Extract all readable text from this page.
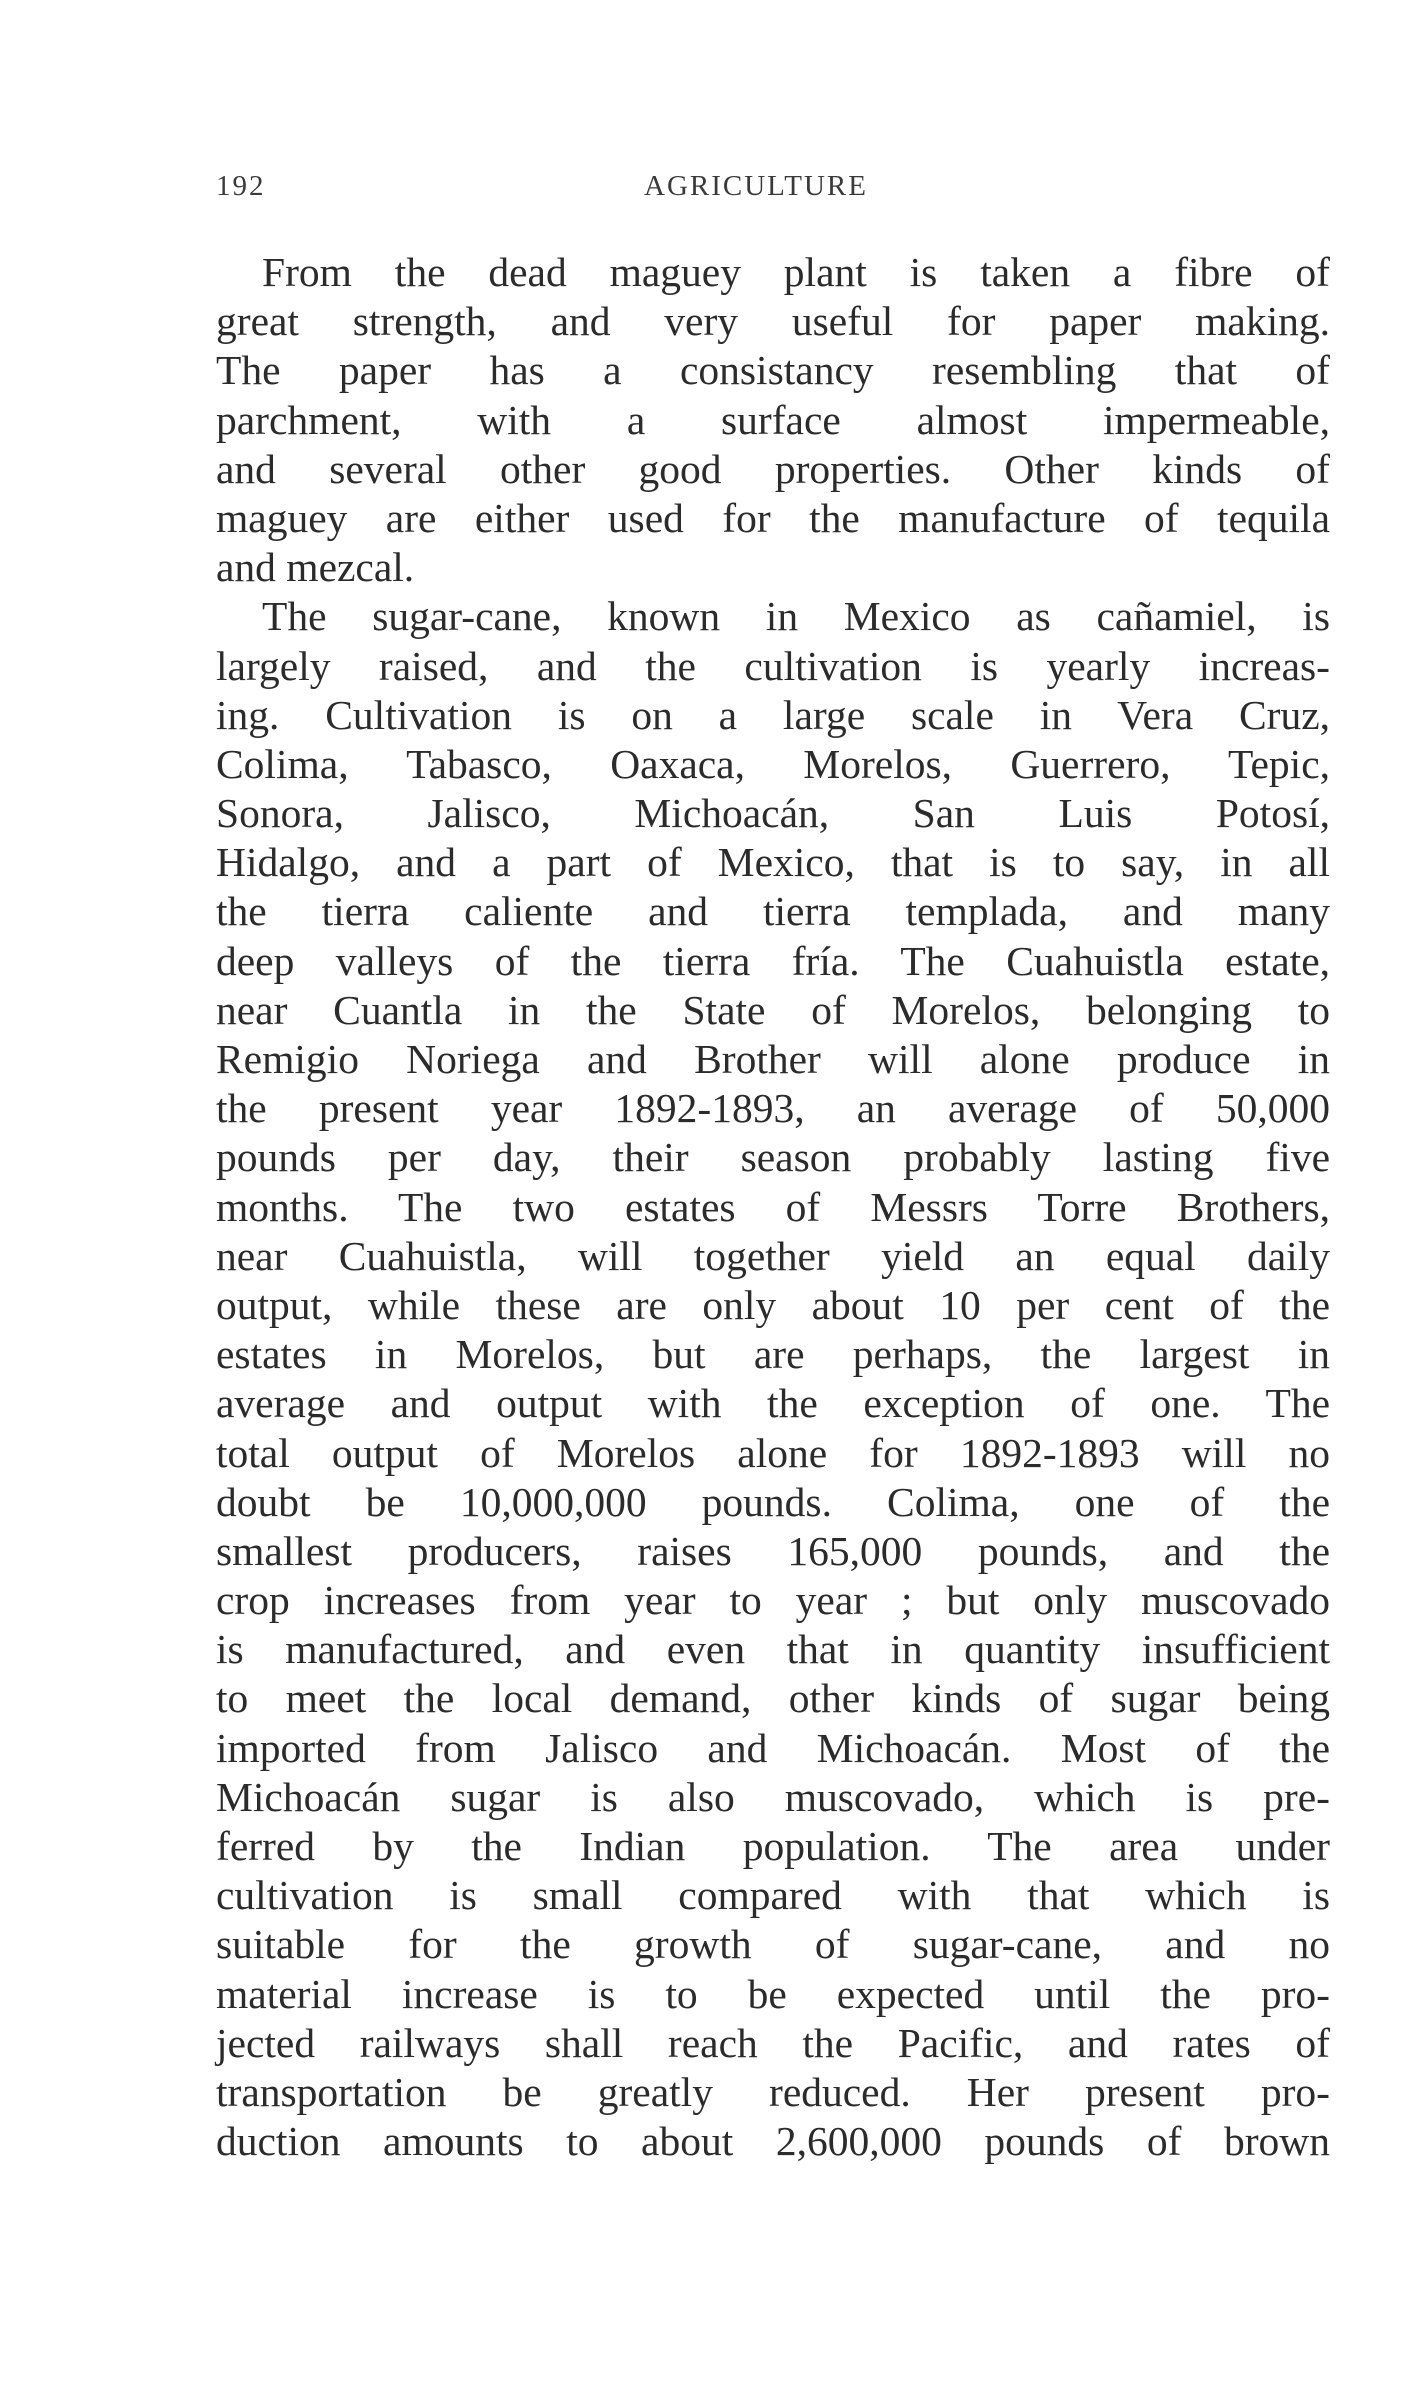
192	AGRICULTURE
From the dead maguey plant is taken a fibre of
great strength, and very useful for paper making.
The paper has a consistancy resembling that of
parchment, with a surface almost impermeable,
and several other good properties. Other kinds of
maguey are either used for the manufacture of tequila
and mezcal.
The sugar-cane, known in Mexico as cañamiel, is
largely raised, and the cultivation is yearly increas-
ing. Cultivation is on a large scale in Vera Cruz,
Colima, Tabasco, Oaxaca, Morelos, Guerrero, Tepic,
Sonora, Jalisco, Michoacán, San Luis Potosí,
Hidalgo, and a part of Mexico, that is to say, in all
the tierra caliente and tierra templada, and many
deep valleys of the tierra fría. The Cuahuistla estate,
near Cuantla in the State of Morelos, belonging to
Remigio Noriega and Brother will alone produce in
the present year 1892-1893, an average of 50,000
pounds per day, their season probably lasting five
months. The two estates of Messrs Torre Brothers,
near Cuahuistla, will together yield an equal daily
output, while these are only about 10 per cent of the
estates in Morelos, but are perhaps, the largest in
average and output with the exception of one. The
total output of Morelos alone for 1892-1893 will no
doubt be 10,000,000 pounds. Colima, one of the
smallest producers, raises 165,000 pounds, and the
crop increases from year to year ; but only muscovado
is manufactured, and even that in quantity insufficient
to meet the local demand, other kinds of sugar being
imported from Jalisco and Michoacán. Most of the
Michoacán sugar is also muscovado, which is pre-
ferred by the Indian population. The area under
cultivation is small compared with that which is
suitable for the growth of sugar-cane, and no
material increase is to be expected until the pro-
jected railways shall reach the Pacific, and rates of
transportation be greatly reduced. Her present pro-
duction amounts to about 2,600,000 pounds of brown
